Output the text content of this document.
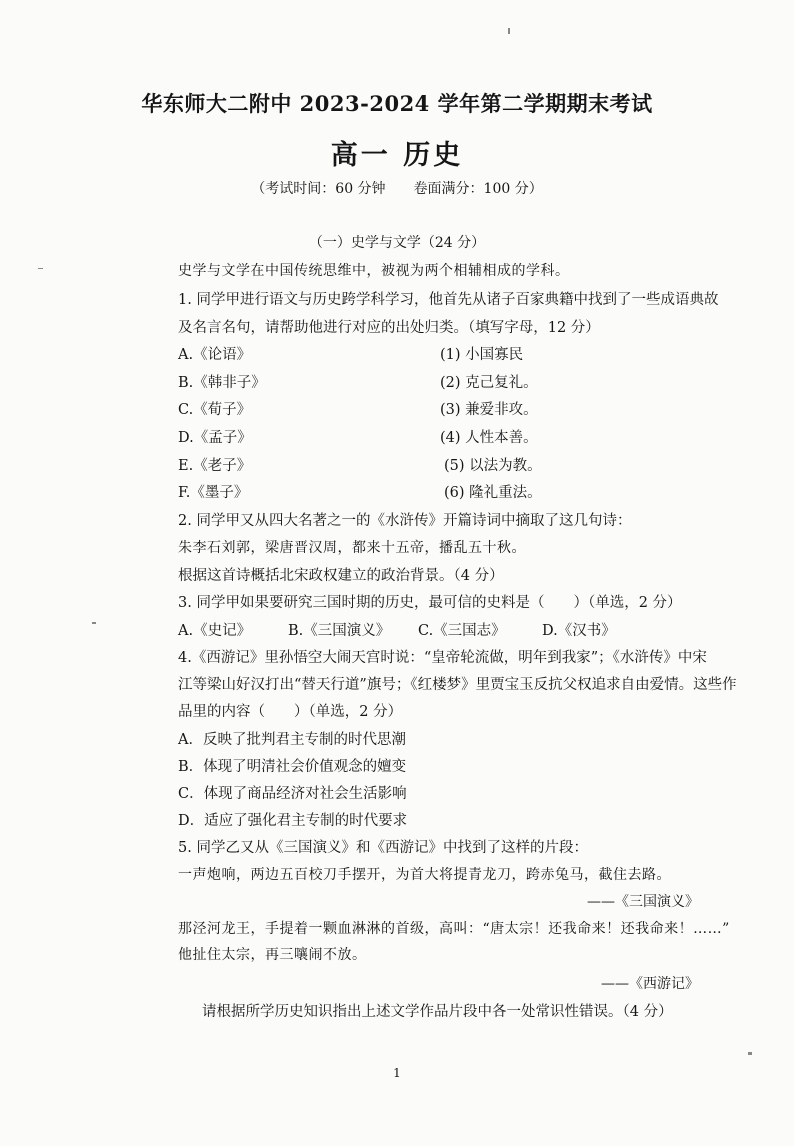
华东师大二附中 2023-2024 学年第二学期期末考试
高一 历史
（考试时间：60 分钟　　卷面满分：100 分）
（一）史学与文学（24 分）
史学与文学在中国传统思维中，被视为两个相辅相成的学科。
1. 同学甲进行语文与历史跨学科学习，他首先从诸子百家典籍中找到了一些成语典故
及名言名句，请帮助他进行对应的出处归类。（填写字母，12 分）
A.《论语》
B.《韩非子》
C.《荀子》
D.《孟子》
E.《老子》
F.《墨子》
(1) 小国寡民
(2) 克己复礼。
(3) 兼爱非攻。
(4) 人性本善。
(5) 以法为教。
(6) 隆礼重法。
2. 同学甲又从四大名著之一的《水浒传》开篇诗词中摘取了这几句诗：
朱李石刘郭，梁唐晋汉周，都来十五帝，播乱五十秋。
根据这首诗概括北宋政权建立的政治背景。（4 分）
3. 同学甲如果要研究三国时期的历史，最可信的史料是（　　）（单选，2 分）
A.《史记》	B.《三国演义》 C.《三国志》	D.《汉书》
4.《西游记》里孙悟空大闹天宫时说：“皇帝轮流做，明年到我家”；《水浒传》中宋
江等梁山好汉打出“替天行道”旗号；《红楼梦》里贾宝玉反抗父权追求自由爱情。这些作
品里的内容（　　）（单选，2 分）
A．反映了批判君主专制的时代思潮
B．体现了明清社会价值观念的嬗变
C．体现了商品经济对社会生活影响
D．适应了强化君主专制的时代要求
5. 同学乙又从《三国演义》和《西游记》中找到了这样的片段：
一声炮响，两边五百校刀手摆开，为首大将提青龙刀，跨赤兔马，截住去路。
——《三国演义》
那泾河龙王，手提着一颗血淋淋的首级，高叫：“唐太宗！还我命来！还我命来！……”
他扯住太宗，再三嚷闹不放。
——《西游记》
请根据所学历史知识指出上述文学作品片段中各一处常识性错误。（4 分）
1
